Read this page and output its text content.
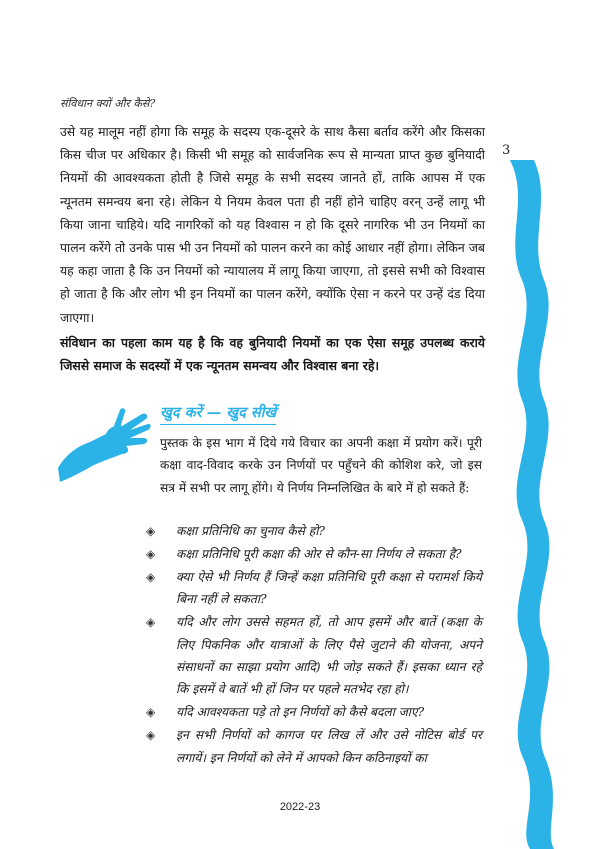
संविधान क्यों और कैसे?
3

उसे यह मालूम नहीं होगा कि समूह के सदस्य एक-दूसरे के साथ कैसा बर्ताव करेंगे और किसका किस चीज पर अधिकार है। किसी भी समूह को सार्वजनिक रूप से मान्यता प्राप्त कुछ बुनियादी नियमों की आवश्यकता होती है जिसे समूह के सभी सदस्य जानते हों, ताकि आपस में एक न्यूनतम समन्वय बना रहे। लेकिन ये नियम केवल पता ही नहीं होने चाहिए वरन् उन्हें लागू भी किया जाना चाहिये। यदि नागरिकों को यह विश्वास न हो कि दूसरे नागरिक भी उन नियमों का पालन करेंगे तो उनके पास भी उन नियमों को पालन करने का कोई आधार नहीं होगा। लेकिन जब यह कहा जाता है कि उन नियमों को न्यायालय में लागू किया जाएगा, तो इससे सभी को विश्वास हो जाता है कि और लोग भी इन नियमों का पालन करेंगे, क्योंकि ऐसा न करने पर उन्हें दंड दिया जाएगा।

संविधान का पहला काम यह है कि वह बुनियादी नियमों का एक ऐसा समूह उपलब्ध कराये जिससे समाज के सदस्यों में एक न्यूनतम समन्वय और विश्वास बना रहे।

खुद करें — खुद सीखें
पुस्तक के इस भाग में दिये गये विचार का अपनी कक्षा में प्रयोग करें। पूरी कक्षा वाद-विवाद करके उन निर्णयों पर पहुँचने की कोशिश करे, जो इस सत्र में सभी पर लागू होंगे। ये निर्णय निम्नलिखित के बारे में हो सकते हैं:
◈ कक्षा प्रतिनिधि का चुनाव कैसे हो?
◈ कक्षा प्रतिनिधि पूरी कक्षा की ओर से कौन-सा निर्णय ले सकता है?
◈ क्या ऐसे भी निर्णय हैं जिन्हें कक्षा प्रतिनिधि पूरी कक्षा से परामर्श किये बिना नहीं ले सकता?
◈ यदि और लोग उससे सहमत हों, तो आप इसमें और बातें (कक्षा के लिए पिकनिक और यात्राओं के लिए पैसे जुटाने की योजना, अपने संसाधनों का साझा प्रयोग आदि) भी जोड़ सकते हैं। इसका ध्यान रहे कि इसमें वे बातें भी हों जिन पर पहले मतभेद रहा हो।
◈ यदि आवश्यकता पड़े तो इन निर्णयों को कैसे बदला जाए?
◈ इन सभी निर्णयों को कागज पर लिख लें और उसे नोटिस बोर्ड पर लगायें। इन निर्णयों को लेने में आपको किन कठिनाइयों का
2022-23
